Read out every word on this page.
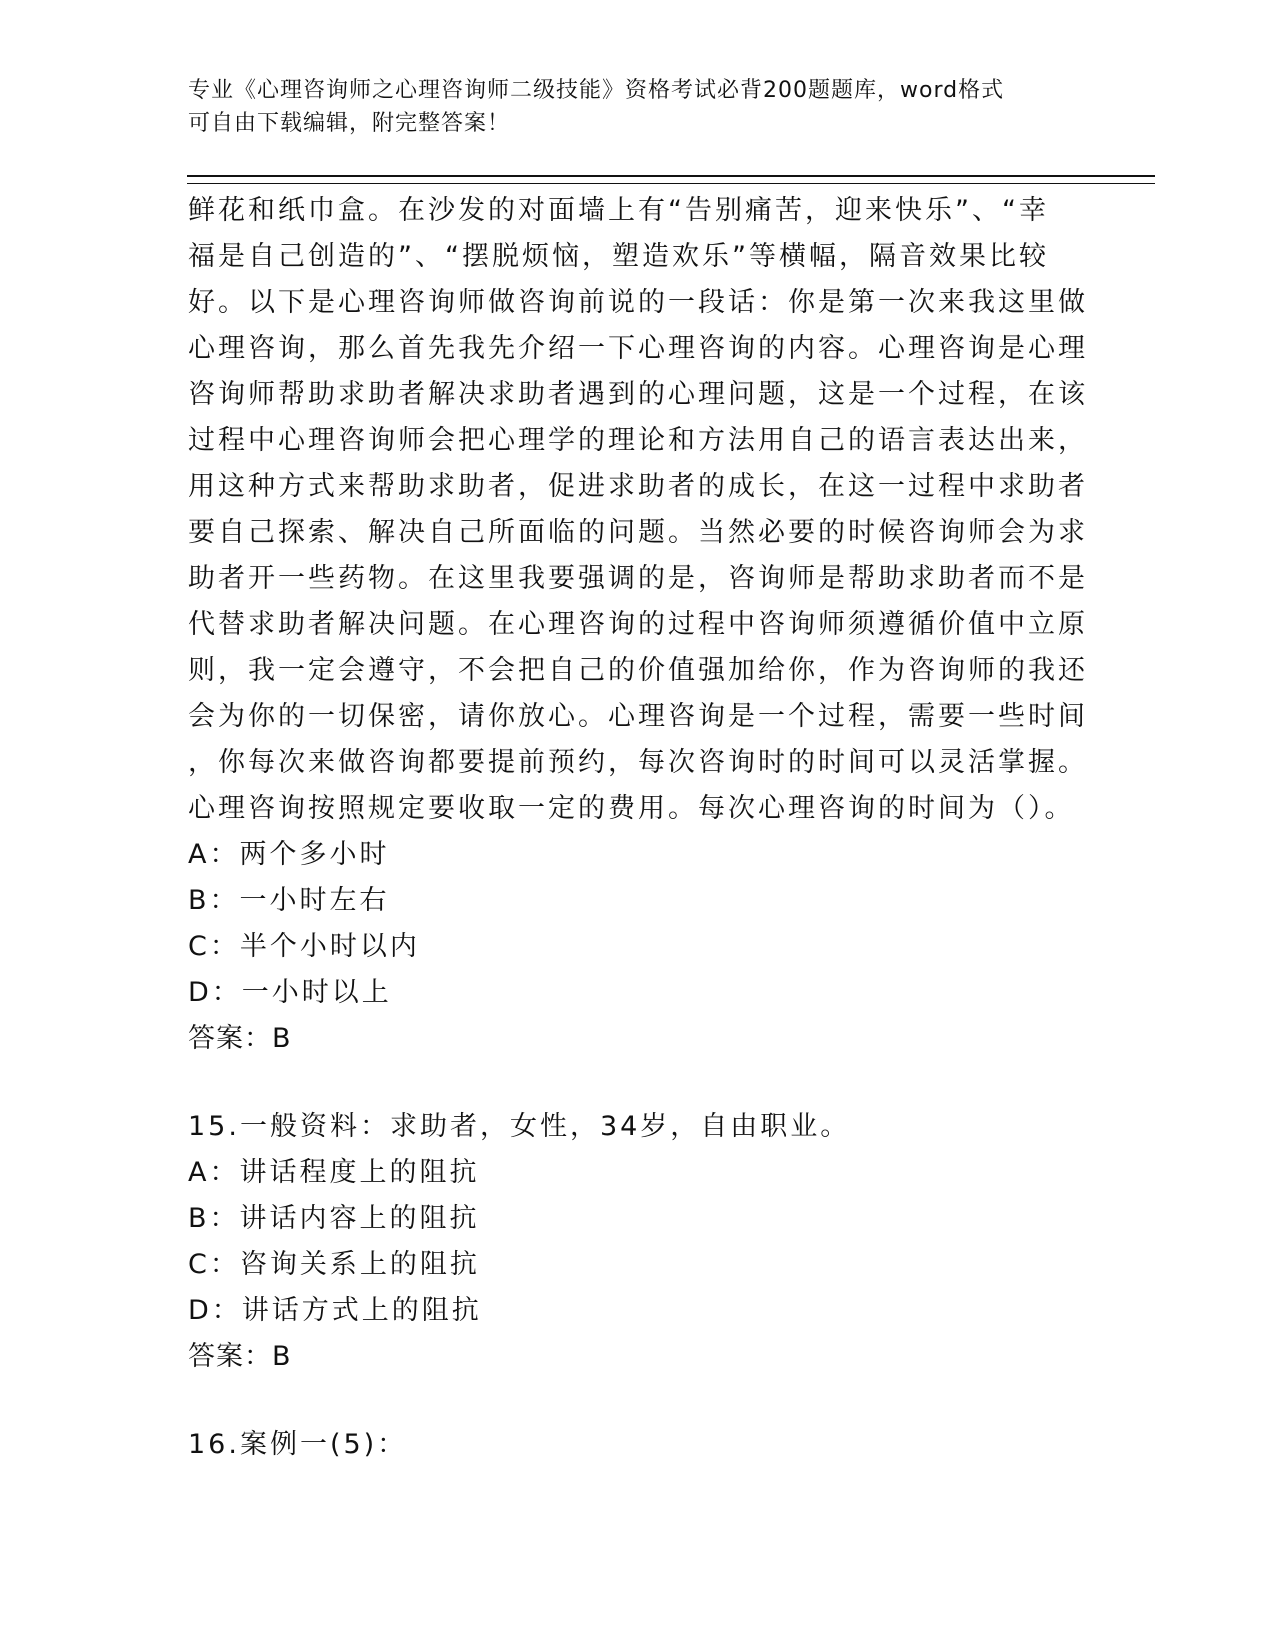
专业《心理咨询师之心理咨询师二级技能》资格考试必背200题题库，word格式
可自由下载编辑，附完整答案！
鲜花和纸巾盒。在沙发的对面墙上有“告别痛苦，迎来快乐”、“幸
福是自己创造的”、“摆脱烦恼，塑造欢乐”等横幅，隔音效果比较
好。以下是心理咨询师做咨询前说的一段话：你是第一次来我这里做
心理咨询，那么首先我先介绍一下心理咨询的内容。心理咨询是心理
咨询师帮助求助者解决求助者遇到的心理问题，这是一个过程，在该
过程中心理咨询师会把心理学的理论和方法用自己的语言表达出来，
用这种方式来帮助求助者，促进求助者的成长，在这一过程中求助者
要自己探索、解决自己所面临的问题。当然必要的时候咨询师会为求
助者开一些药物。在这里我要强调的是，咨询师是帮助求助者而不是
代替求助者解决问题。在心理咨询的过程中咨询师须遵循价值中立原
则，我一定会遵守，不会把自己的价值强加给你，作为咨询师的我还
会为你的一切保密，请你放心。心理咨询是一个过程，需要一些时间
，你每次来做咨询都要提前预约，每次咨询时的时间可以灵活掌握。
心理咨询按照规定要收取一定的费用。每次心理咨询的时间为（）。
A：两个多小时
B：一小时左右
C：半个小时以内
D：一小时以上
答案：B
15.一般资料：求助者，女性，34岁，自由职业。
A：讲话程度上的阻抗
B：讲话内容上的阻抗
C：咨询关系上的阻抗
D：讲话方式上的阻抗
答案：B
16.案例一(5)：
